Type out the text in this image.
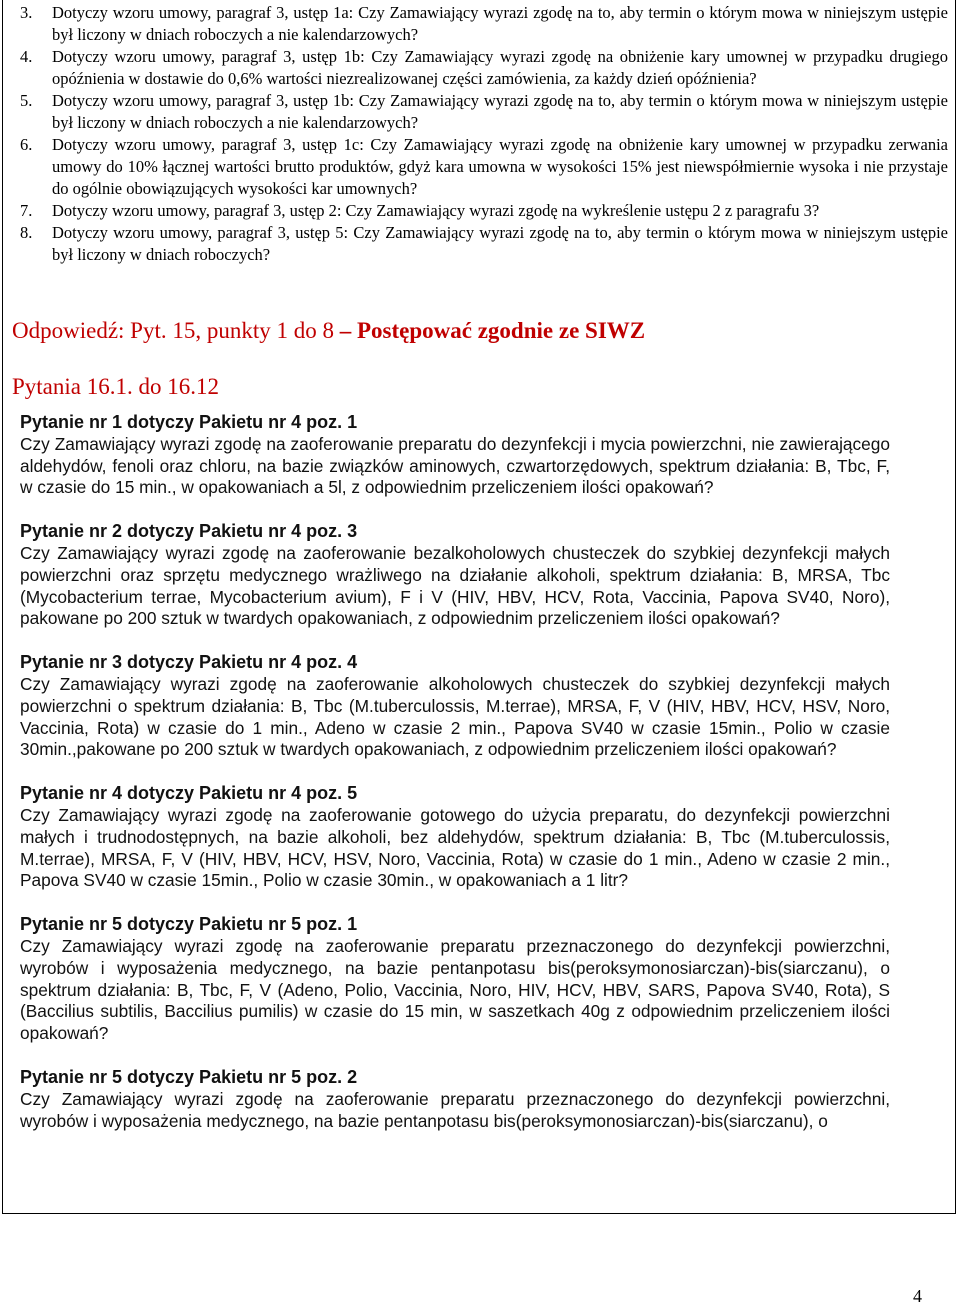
3.	Dotyczy wzoru umowy, paragraf 3, ustęp 1a: Czy Zamawiający wyrazi zgodę na to, aby termin o którym mowa w niniejszym ustępie był liczony w dniach roboczych a nie kalendarzowych?
4.	Dotyczy wzoru umowy, paragraf 3, ustęp 1b: Czy Zamawiający wyrazi zgodę na obniżenie kary umownej w przypadku drugiego opóźnienia w dostawie do 0,6% wartości niezrealizowanej części zamówienia, za każdy dzień opóźnienia?
5.	Dotyczy wzoru umowy, paragraf 3, ustęp 1b: Czy Zamawiający wyrazi zgodę na to, aby termin o którym mowa w niniejszym ustępie był liczony w dniach roboczych a nie kalendarzowych?
6.	Dotyczy wzoru umowy, paragraf 3, ustęp 1c: Czy Zamawiający wyrazi zgodę na obniżenie kary umownej w przypadku zerwania umowy do 10% łącznej wartości brutto produktów, gdyż kara umowna w wysokości 15% jest niewspółmiernie wysoka i nie przystaje do ogólnie obowiązujących wysokości kar umownych?
7.	Dotyczy wzoru umowy, paragraf 3, ustęp 2: Czy Zamawiający wyrazi zgodę na wykreślenie ustępu 2 z paragrafu 3?
8.	Dotyczy wzoru umowy, paragraf 3, ustęp 5: Czy Zamawiający wyrazi zgodę na to, aby termin o którym mowa w niniejszym ustępie był liczony w dniach roboczych?
Odpowiedź: Pyt. 15, punkty 1 do 8 – Postępować zgodnie ze SIWZ
Pytania 16.1. do 16.12
Pytanie nr 1 dotyczy Pakietu nr 4 poz. 1
Czy Zamawiający wyrazi zgodę na zaoferowanie preparatu do dezynfekcji i mycia powierzchni, nie zawierającego aldehydów, fenoli oraz chloru, na bazie związków aminowych, czwartorzędowych, spektrum działania: B, Tbc, F, w czasie do 15 min., w opakowaniach a 5l, z odpowiednim przeliczeniem ilości opakowań?
Pytanie nr 2 dotyczy Pakietu nr 4 poz. 3
Czy Zamawiający wyrazi zgodę na zaoferowanie bezalkoholowych chusteczek do szybkiej dezynfekcji małych powierzchni oraz sprzętu medycznego wrażliwego na działanie alkoholi, spektrum działania: B, MRSA, Tbc (Mycobacterium terrae, Mycobacterium avium), F i V (HIV, HBV, HCV, Rota, Vaccinia, Papova SV40, Noro), pakowane po 200 sztuk w twardych opakowaniach, z odpowiednim przeliczeniem ilości opakowań?
Pytanie nr 3 dotyczy Pakietu nr 4 poz. 4
Czy Zamawiający wyrazi zgodę na zaoferowanie alkoholowych chusteczek do szybkiej dezynfekcji małych powierzchni o spektrum działania: B, Tbc (M.tuberculossis, M.terrae), MRSA, F, V (HIV, HBV, HCV, HSV, Noro, Vaccinia, Rota) w czasie do 1 min., Adeno w czasie 2 min., Papova SV40 w czasie 15min., Polio w czasie 30min.,pakowane po 200 sztuk w twardych opakowaniach, z odpowiednim przeliczeniem ilości opakowań?
Pytanie nr 4 dotyczy Pakietu nr 4 poz. 5
Czy Zamawiający wyrazi zgodę na zaoferowanie gotowego do użycia preparatu, do dezynfekcji powierzchni małych i trudnodostępnych, na bazie alkoholi, bez aldehydów, spektrum działania: B, Tbc (M.tuberculossis, M.terrae), MRSA, F, V (HIV, HBV, HCV, HSV, Noro, Vaccinia, Rota) w czasie do 1 min., Adeno w czasie 2 min., Papova SV40 w czasie 15min., Polio w czasie 30min., w opakowaniach a 1 litr?
Pytanie nr 5 dotyczy Pakietu nr 5 poz. 1
Czy Zamawiający wyrazi zgodę na zaoferowanie preparatu przeznaczonego do dezynfekcji powierzchni, wyrobów i wyposażenia medycznego, na bazie pentanpotasu bis(peroksymonosiarczan)-bis(siarczanu), o spektrum działania: B, Tbc, F, V (Adeno, Polio, Vaccinia, Noro, HIV, HCV, HBV, SARS, Papova SV40, Rota), S (Baccilius subtilis, Baccilius pumilis) w czasie do 15 min, w saszetkach 40g z odpowiednim przeliczeniem ilości opakowań?
Pytanie nr 5 dotyczy Pakietu nr 5 poz. 2
Czy Zamawiający wyrazi zgodę na zaoferowanie preparatu przeznaczonego do dezynfekcji powierzchni, wyrobów i wyposażenia medycznego, na bazie pentanpotasu bis(peroksymonosiarczan)-bis(siarczanu), o
4
